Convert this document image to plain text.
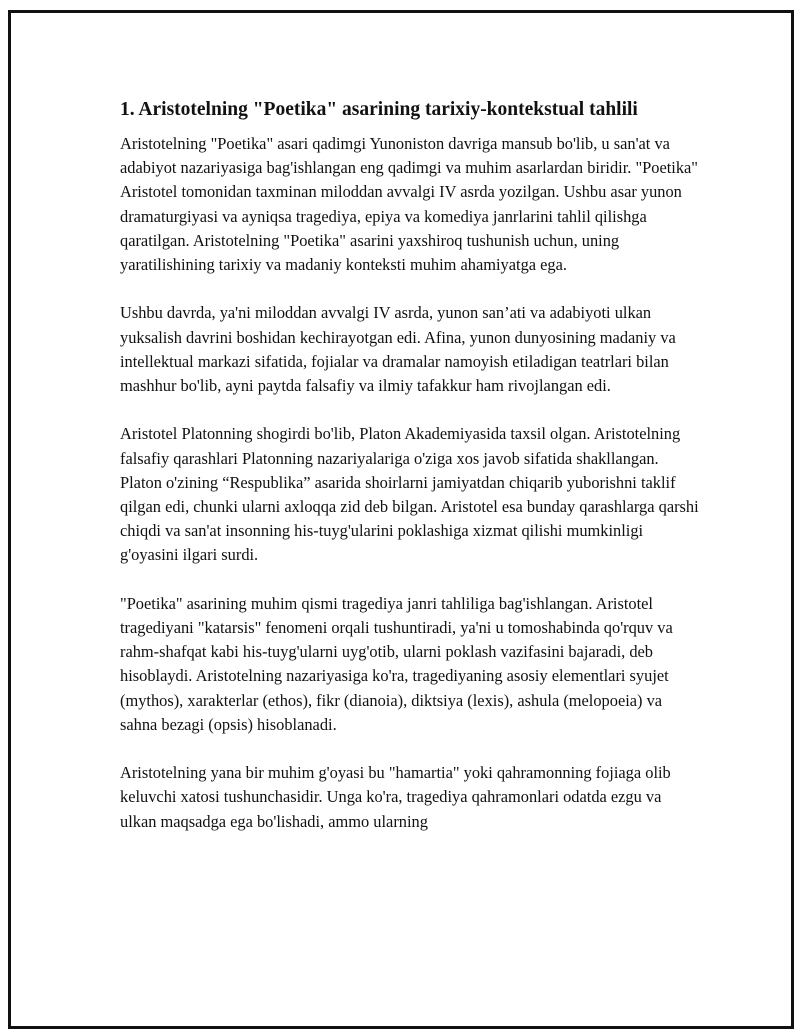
1. Aristotelning "Poetika" asarining tarixiy-kontekstual tahlili

Aristotelning "Poetika" asari qadimgi Yunoniston davriga mansub bo'lib, u san'at va adabiyot nazariyasiga bag'ishlangan eng qadimgi va muhim asarlardan biridir. "Poetika" Aristotel tomonidan taxminan miloddan avvalgi IV asrda yozilgan. Ushbu asar yunon dramaturgiyasi va ayniqsa tragediya, epiya va komediya janrlarini tahlil qilishga qaratilgan. Aristotelning "Poetika" asarini yaxshiroq tushunish uchun, uning yaratilishining tarixiy va madaniy konteksti muhim ahamiyatga ega.

Ushbu davrda, ya'ni miloddan avvalgi IV asrda, yunon san’ati va adabiyoti ulkan yuksalish davrini boshidan kechirayotgan edi. Afina, yunon dunyosining madaniy va intellektual markazi sifatida, fojialar va dramalar namoyish etiladigan teatrlari bilan mashhur bo'lib, ayni paytda falsafiy va ilmiy tafakkur ham rivojlangan edi.

Aristotel Platonning shogirdi bo'lib, Platon Akademiyasida taxsil olgan. Aristotelning falsafiy qarashlari Platonning nazariyalariga o'ziga xos javob sifatida shakllangan. Platon o'zining “Respublika” asarida shoirlarni jamiyatdan chiqarib yuborishni taklif qilgan edi, chunki ularni axloqqa zid deb bilgan. Aristotel esa bunday qarashlarga qarshi chiqdi va san'at insonning his-tuyg'ularini poklashiga xizmat qilishi mumkinligi g'oyasini ilgari surdi.

"Poetika" asarining muhim qismi tragediya janri tahliliga bag'ishlangan. Aristotel tragediyani "katarsis" fenomeni orqali tushuntiradi, ya'ni u tomoshabinda qo'rquv va rahm-shafqat kabi his-tuyg'ularni uyg'otib, ularni poklash vazifasini bajaradi, deb hisoblaydi. Aristotelning nazariyasiga ko'ra, tragediyaning asosiy elementlari syujet (mythos), xarakterlar (ethos), fikr (dianoia), diktsiya (lexis), ashula (melopoeia) va sahna bezagi (opsis) hisoblanadi.

Aristotelning yana bir muhim g'oyasi bu "hamartia" yoki qahramonning fojiaga olib keluvchi xatosi tushunchasidir. Unga ko'ra, tragediya qahramonlari odatda ezgu va ulkan maqsadga ega bo'lishadi, ammo ularning
